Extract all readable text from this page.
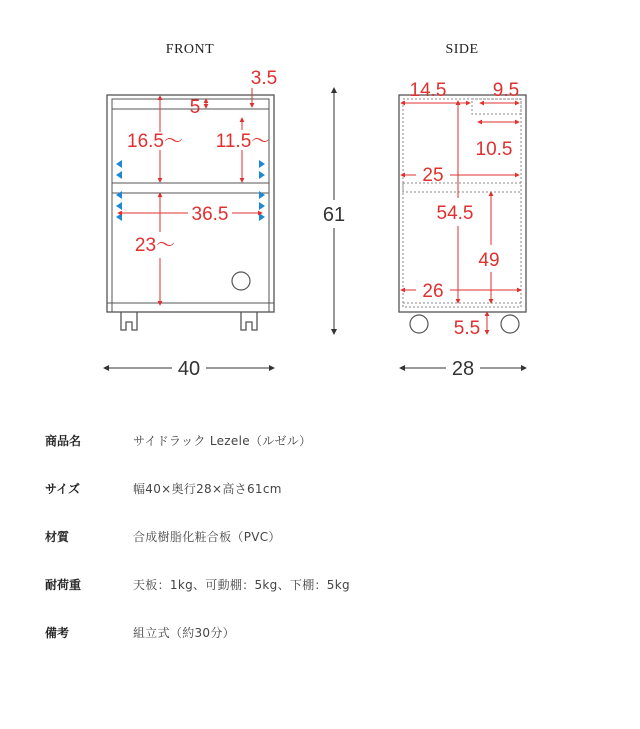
FRONT	SIDE
3.5
5
16.5～ 11.5～
36.5
23～
61
40
14.5 9.5
10.5
25
54.5
49
26
5.5
28
商品名	サイドラック Lezele（ルゼル）
サイズ	幅40×奥行28×高さ61cm
材質	合成樹脂化粧合板（PVC）
耐荷重	天板：1kg、可動棚：5kg、下棚：5kg
備考	組立式（約30分）
